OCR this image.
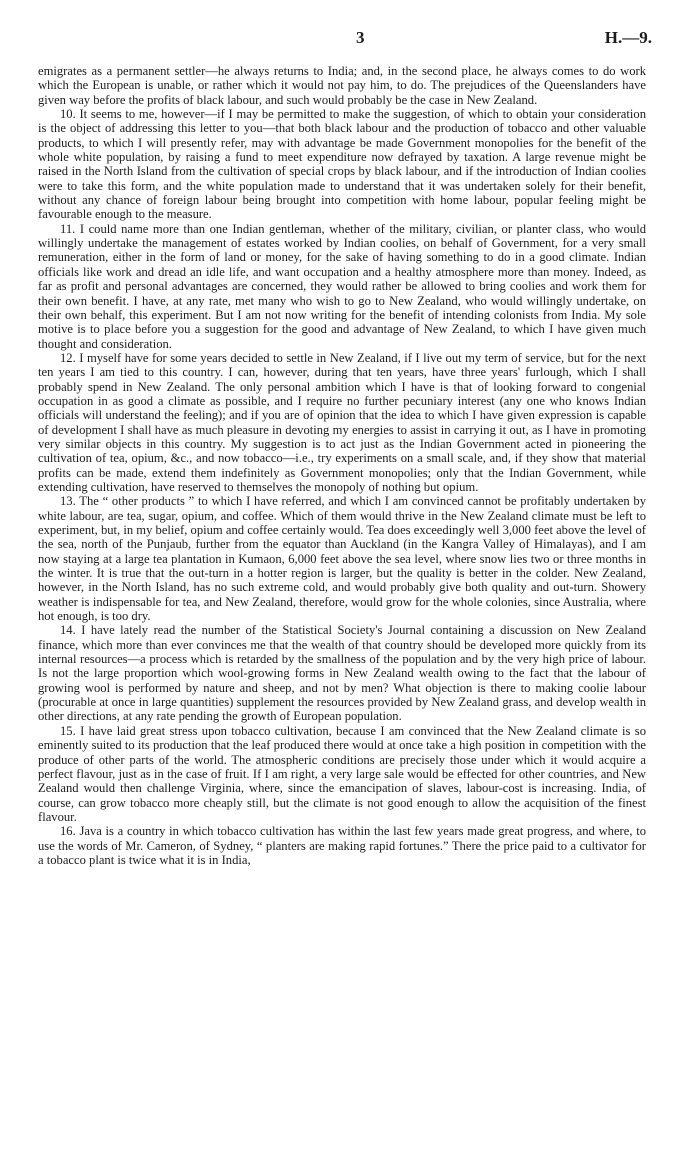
3	H.—9.

emigrates as a permanent settler—he always returns to India; and, in the second place, he always comes to do work which the European is unable, or rather which it would not pay him, to do. The prejudices of the Queenslanders have given way before the profits of black labour, and such would probably be the case in New Zealand.

10. It seems to me, however—if I may be permitted to make the suggestion, of which to obtain your consideration is the object of addressing this letter to you—that both black labour and the production of tobacco and other valuable products, to which I will presently refer, may with advantage be made Government monopolies for the benefit of the whole white population, by raising a fund to meet expenditure now defrayed by taxation. A large revenue might be raised in the North Island from the cultivation of special crops by black labour, and if the introduction of Indian coolies were to take this form, and the white population made to understand that it was undertaken solely for their benefit, without any chance of foreign labour being brought into competition with home labour, popular feeling might be favourable enough to the measure.

11. I could name more than one Indian gentleman, whether of the military, civilian, or planter class, who would willingly undertake the management of estates worked by Indian coolies, on behalf of Government, for a very small remuneration, either in the form of land or money, for the sake of having something to do in a good climate. Indian officials like work and dread an idle life, and want occupation and a healthy atmosphere more than money. Indeed, as far as profit and personal advantages are concerned, they would rather be allowed to bring coolies and work them for their own benefit. I have, at any rate, met many who wish to go to New Zealand, who would willingly undertake, on their own behalf, this experiment. But I am not now writing for the benefit of intending colonists from India. My sole motive is to place before you a suggestion for the good and advantage of New Zealand, to which I have given much thought and consideration.

12. I myself have for some years decided to settle in New Zealand, if I live out my term of service, but for the next ten years I am tied to this country. I can, however, during that ten years, have three years' furlough, which I shall probably spend in New Zealand. The only personal ambition which I have is that of looking forward to congenial occupation in as good a climate as possible, and I require no further pecuniary interest (any one who knows Indian officials will understand the feeling); and if you are of opinion that the idea to which I have given expression is capable of development I shall have as much pleasure in devoting my energies to assist in carrying it out, as I have in promoting very similar objects in this country. My suggestion is to act just as the Indian Government acted in pioneering the cultivation of tea, opium, &c., and now tobacco—i.e., try experiments on a small scale, and, if they show that material profits can be made, extend them indefinitely as Government monopolies; only that the Indian Government, while extending cultivation, have reserved to themselves the monopoly of nothing but opium.

13. The “ other products ” to which I have referred, and which I am convinced cannot be profitably undertaken by white labour, are tea, sugar, opium, and coffee. Which of them would thrive in the New Zealand climate must be left to experiment, but, in my belief, opium and coffee certainly would. Tea does exceedingly well 3,000 feet above the level of the sea, north of the Punjaub, further from the equator than Auckland (in the Kangra Valley of Himalayas), and I am now staying at a large tea plantation in Kumaon, 6,000 feet above the sea level, where snow lies two or three months in the winter. It is true that the out-turn in a hotter region is larger, but the quality is better in the colder. New Zealand, however, in the North Island, has no such extreme cold, and would probably give both quality and out-turn. Showery weather is indispensable for tea, and New Zealand, therefore, would grow for the whole colonies, since Australia, where hot enough, is too dry.

14. I have lately read the number of the Statistical Society's Journal containing a discussion on New Zealand finance, which more than ever convinces me that the wealth of that country should be developed more quickly from its internal resources—a process which is retarded by the smallness of the population and by the very high price of labour. Is not the large proportion which wool-growing forms in New Zealand wealth owing to the fact that the labour of growing wool is performed by nature and sheep, and not by men? What objection is there to making coolie labour (procurable at once in large quantities) supplement the resources provided by New Zealand grass, and develop wealth in other directions, at any rate pending the growth of European population.

15. I have laid great stress upon tobacco cultivation, because I am convinced that the New Zealand climate is so eminently suited to its production that the leaf produced there would at once take a high position in competition with the produce of other parts of the world. The atmospheric conditions are precisely those under which it would acquire a perfect flavour, just as in the case of fruit. If I am right, a very large sale would be effected for other countries, and New Zealand would then challenge Virginia, where, since the emancipation of slaves, labour-cost is increasing. India, of course, can grow tobacco more cheaply still, but the climate is not good enough to allow the acquisition of the finest flavour.

16. Java is a country in which tobacco cultivation has within the last few years made great progress, and where, to use the words of Mr. Cameron, of Sydney, “ planters are making rapid fortunes.” There the price paid to a cultivator for a tobacco plant is twice what it is in India,
